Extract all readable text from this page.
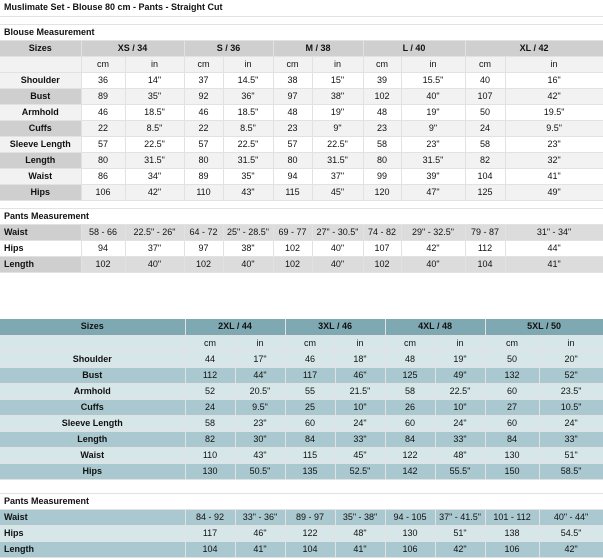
Muslimate Set - Blouse 80 cm - Pants - Straight Cut										

Blouse Measurement										
Sizes	XS / 34		S / 36		M / 38		L / 40		XL / 42	
	cm	in	cm	in	cm	in	cm	in	cm	in
Shoulder	36	14"	37	14.5"	38	15"	39	15.5"	40	16"
Bust	89	35"	92	36"	97	38"	102	40"	107	42"
Armhold	46	18.5"	46	18.5"	48	19"	48	19"	50	19.5"
Cuffs	22	8.5"	22	8.5"	23	9"	23	9"	24	9.5"
Sleeve Length	57	22.5"	57	22.5"	57	22.5"	58	23"	58	23"
Length	80	31.5"	80	31.5"	80	31.5"	80	31.5"	82	32"
Waist	86	34"	89	35"	94	37"	99	39"	104	41"
Hips	106	42"	110	43"	115	45"	120	47"	125	49"

Pants Measurement										
Waist	58 - 66	22.5" - 26"	64 - 72	25" - 28.5"	69 - 77	27" - 30.5"	74 - 82	29" - 32.5"	79 - 87	31" - 34"
Hips	94	37"	97	38"	102	40"	107	42"	112	44"
Length	102	40"	102	40"	102	40"	102	40"	104	41"
Sizes	2XL / 44		3XL / 46		4XL / 48		5XL / 50	
	cm	in	cm	in	cm	in	cm	in
Shoulder	44	17"	46	18"	48	19"	50	20"
Bust	112	44"	117	46"	125	49"	132	52"
Armhold	52	20.5"	55	21.5"	58	22.5"	60	23.5"
Cuffs	24	9.5"	25	10"	26	10"	27	10.5"
Sleeve Length	58	23"	60	24"	60	24"	60	24"
Length	82	30"	84	33"	84	33"	84	33"
Waist	110	43"	115	45"	122	48"	130	51"
Hips	130	50.5"	135	52.5"	142	55.5"	150	58.5"

Pants Measurement								
Waist	84 - 92	33" - 36"	89 - 97	35" - 38"	94 - 105	37" - 41.5"	101 - 112	40" - 44"
Hips	117	46"	122	48"	130	51"	138	54.5"
Length	104	41"	104	41"	106	42"	106	42"
